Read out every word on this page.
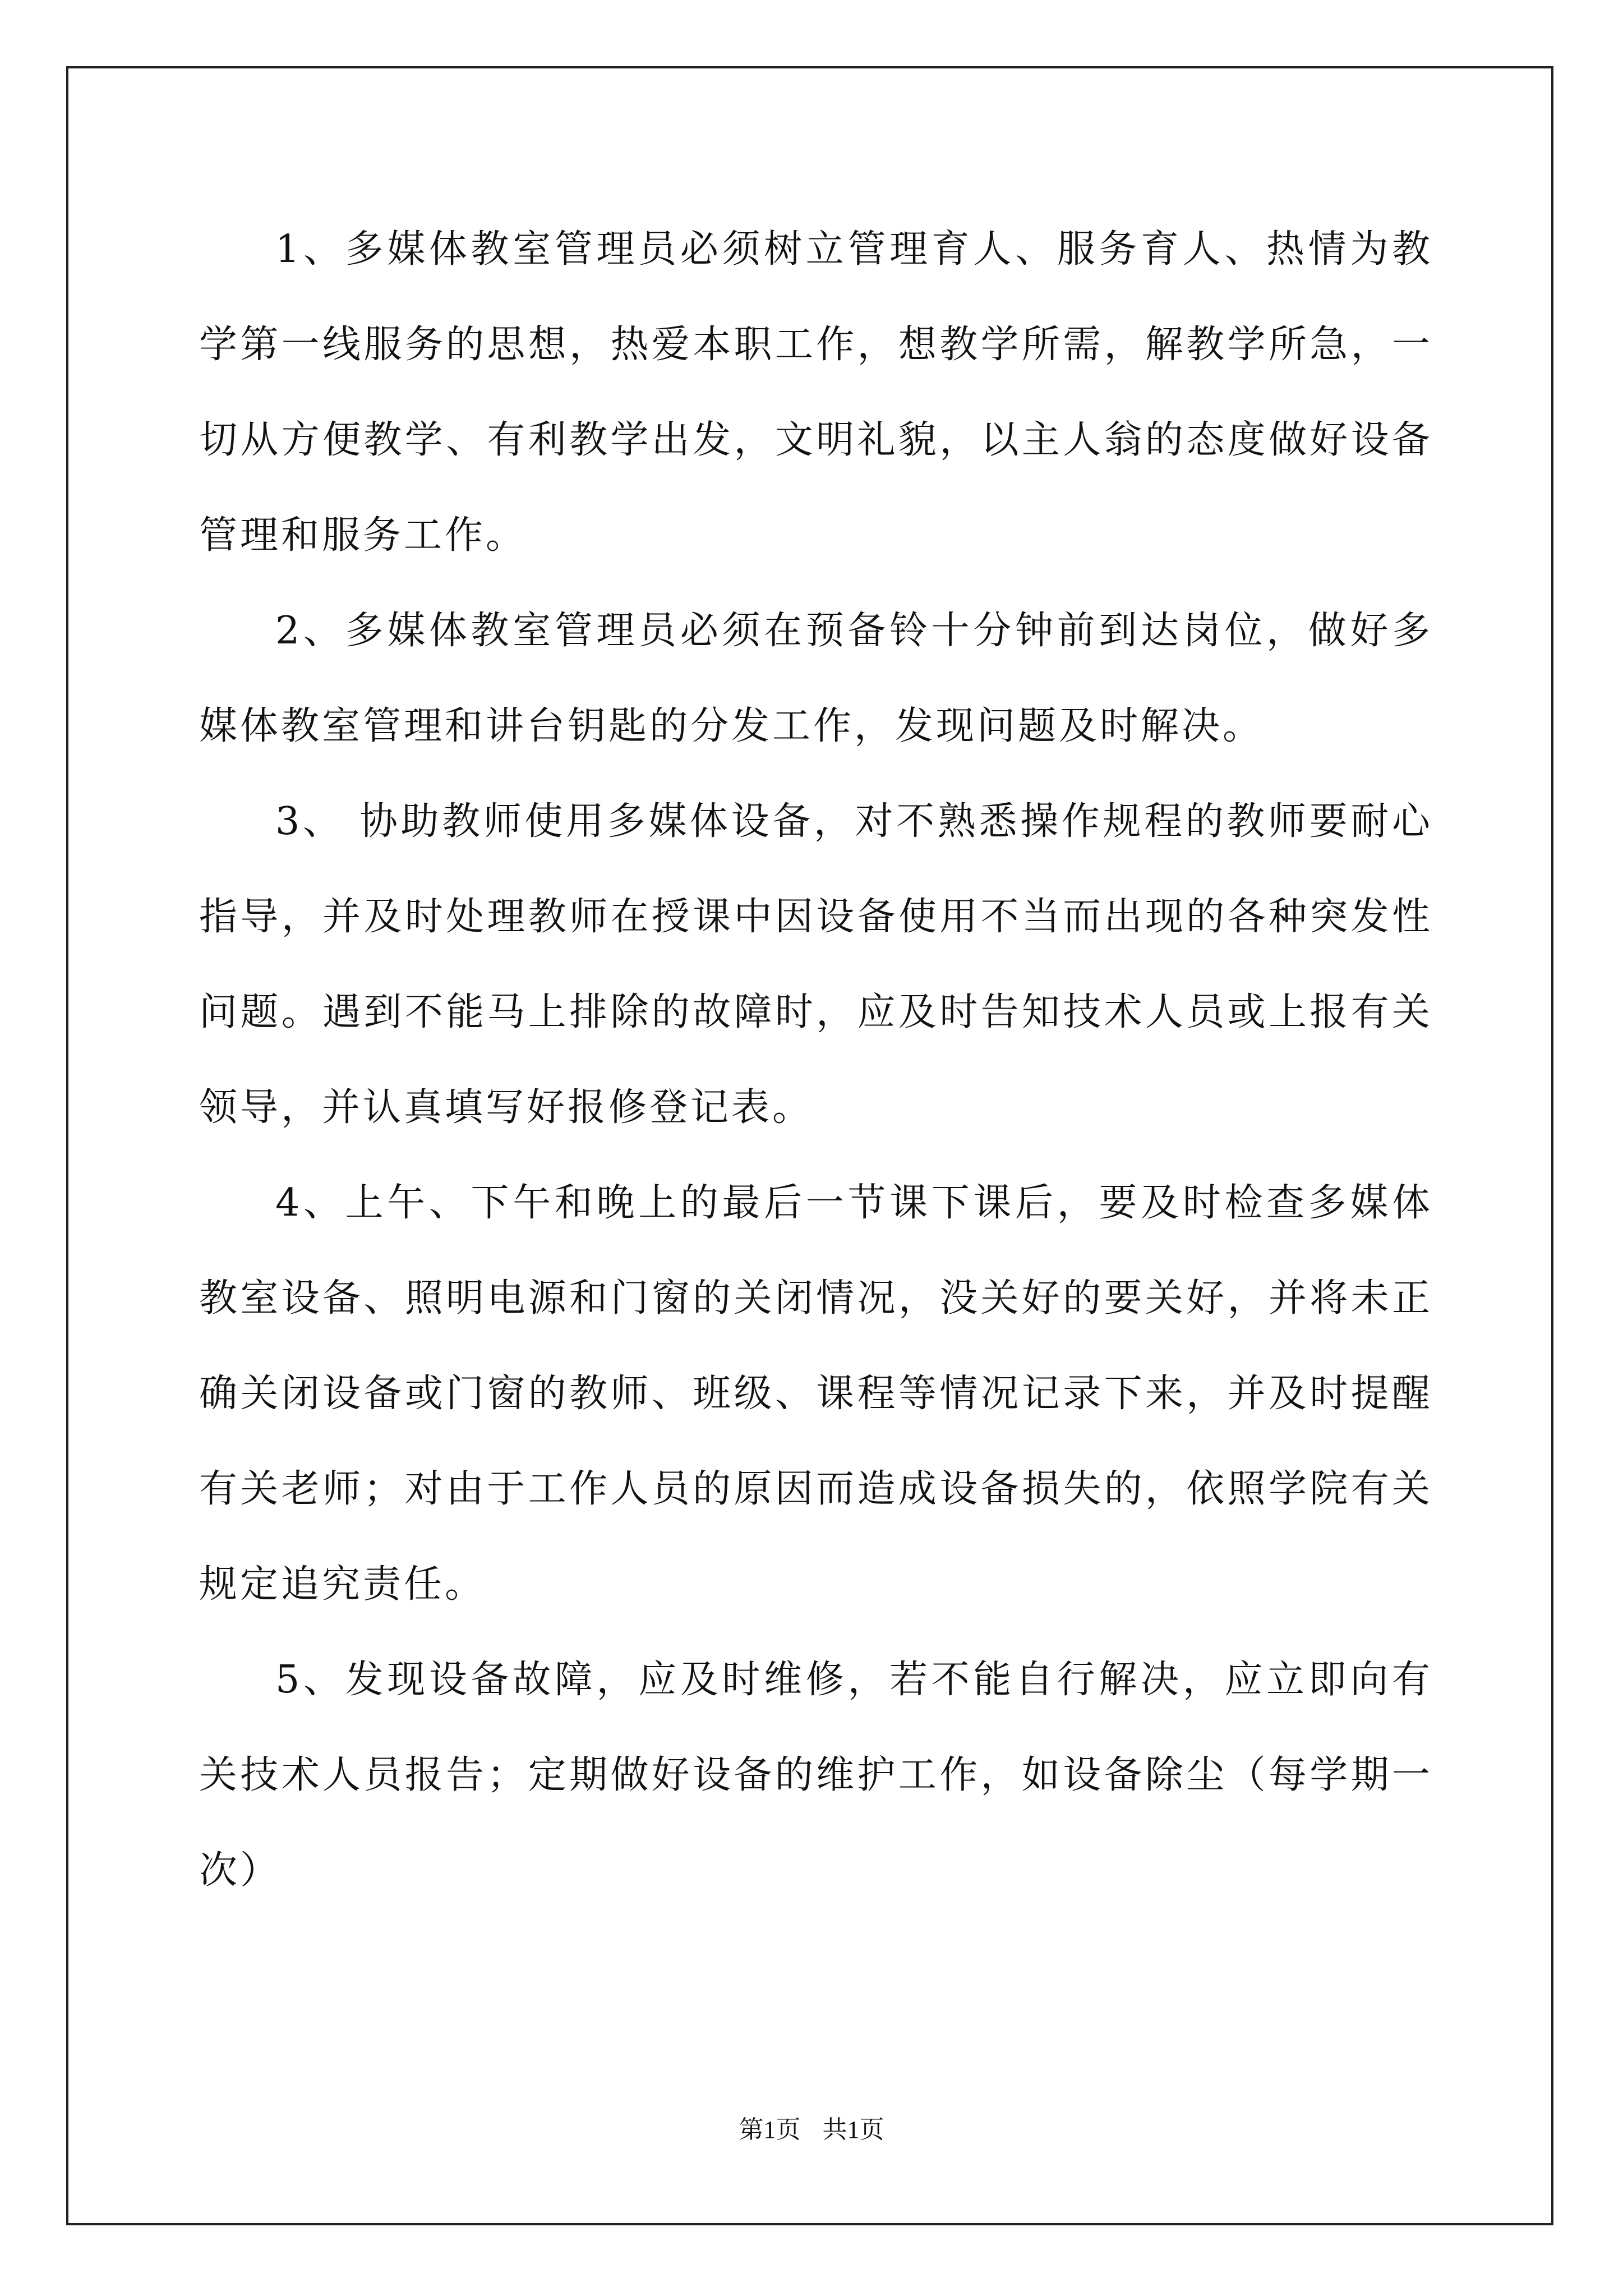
1、多媒体教室管理员必须树立管理育人、服务育人、热情为教学第一线服务的思想，热爱本职工作，想教学所需，解教学所急，一切从方便教学、有利教学出发，文明礼貌，以主人翁的态度做好设备管理和服务工作。

2、多媒体教室管理员必须在预备铃十分钟前到达岗位，做好多媒体教室管理和讲台钥匙的分发工作，发现问题及时解决。

3、 协助教师使用多媒体设备，对不熟悉操作规程的教师要耐心指导，并及时处理教师在授课中因设备使用不当而出现的各种突发性问题。遇到不能马上排除的故障时，应及时告知技术人员或上报有关领导，并认真填写好报修登记表。

4、上午、下午和晚上的最后一节课下课后，要及时检查多媒体教室设备、照明电源和门窗的关闭情况，没关好的要关好，并将未正确关闭设备或门窗的教师、班级、课程等情况记录下来，并及时提醒有关老师；对由于工作人员的原因而造成设备损失的，依照学院有关规定追究责任。

5、发现设备故障，应及时维修，若不能自行解决，应立即向有关技术人员报告；定期做好设备的维护工作，如设备除尘（每学期一次）

第1页 共1页
